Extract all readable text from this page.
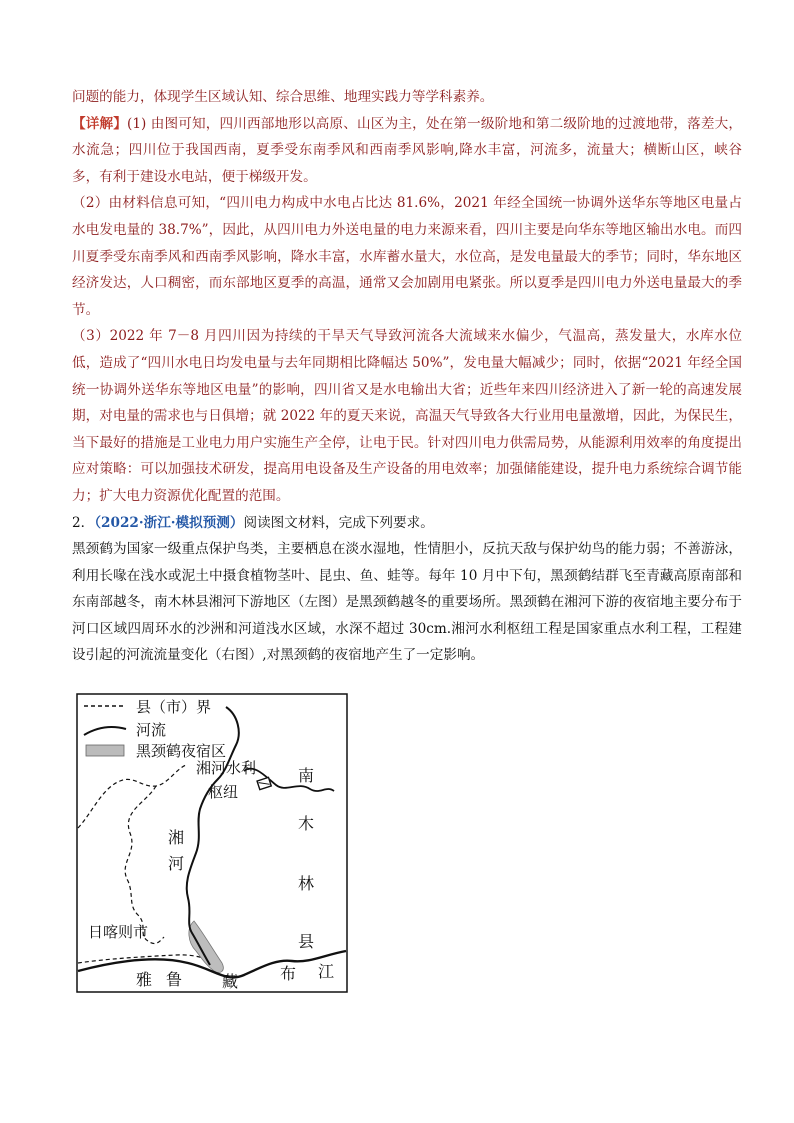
问题的能力，体现学生区域认知、综合思维、地理实践力等学科素养。

【详解】(1) 由图可知，四川西部地形以高原、山区为主，处在第一级阶地和第二级阶地的过渡地带，落差大，水流急；四川位于我国西南，夏季受东南季风和西南季风影响,降水丰富，河流多，流量大；横断山区，峡谷多，有利于建设水电站，便于梯级开发。

（2）由材料信息可知，“四川电力构成中水电占比达 81.6%，2021 年经全国统一协调外送华东等地区电量占水电发电量的 38.7%”，因此，从四川电力外送电量的电力来源来看，四川主要是向华东等地区输出水电。而四川夏季受东南季风和西南季风影响，降水丰富，水库蓄水量大，水位高，是发电量最大的季节；同时，华东地区经济发达，人口稠密，而东部地区夏季的高温，通常又会加剧用电紧张。所以夏季是四川电力外送电量最大的季节。

（3）2022 年 7－8 月四川因为持续的干旱天气导致河流各大流域来水偏少，气温高，蒸发量大，水库水位低，造成了“四川水电日均发电量与去年同期相比降幅达 50%”，发电量大幅减少；同时，依据“2021 年经全国统一协调外送华东等地区电量”的影响，四川省又是水电输出大省；近些年来四川经济进入了新一轮的高速发展期，对电量的需求也与日俱增；就 2022 年的夏天来说，高温天气导致各大行业用电量激增，因此，为保民生，当下最好的措施是工业电力用户实施生产全停，让电于民。针对四川电力供需局势，从能源利用效率的角度提出应对策略：可以加强技术研发，提高用电设备及生产设备的用电效率；加强储能建设，提升电力系统综合调节能力；扩大电力资源优化配置的范围。

2．（2022·浙江·模拟预测）阅读图文材料，完成下列要求。

黑颈鹤为国家一级重点保护鸟类，主要栖息在淡水湿地，性情胆小，反抗天敌与保护幼鸟的能力弱；不善游泳，利用长喙在浅水或泥土中摄食植物茎叶、昆虫、鱼、蛙等。每年 10 月中下旬，黑颈鹤结群飞至青藏高原南部和东南部越冬，南木林县湘河下游地区（左图）是黑颈鹤越冬的重要场所。黑颈鹤在湘河下游的夜宿地主要分布于河口区域四周环水的沙洲和河道浅水区域，水深不超过 30cm.湘河水利枢纽工程是国家重点水利工程，工程建设引起的河流流量变化（右图）,对黑颈鹤的夜宿地产生了一定影响。

县（市）界
河流
黑颈鹤夜宿区
湘河水利
枢纽
湘
河
日喀则市
南
木
林
县
雅 鲁 藏	布 江
